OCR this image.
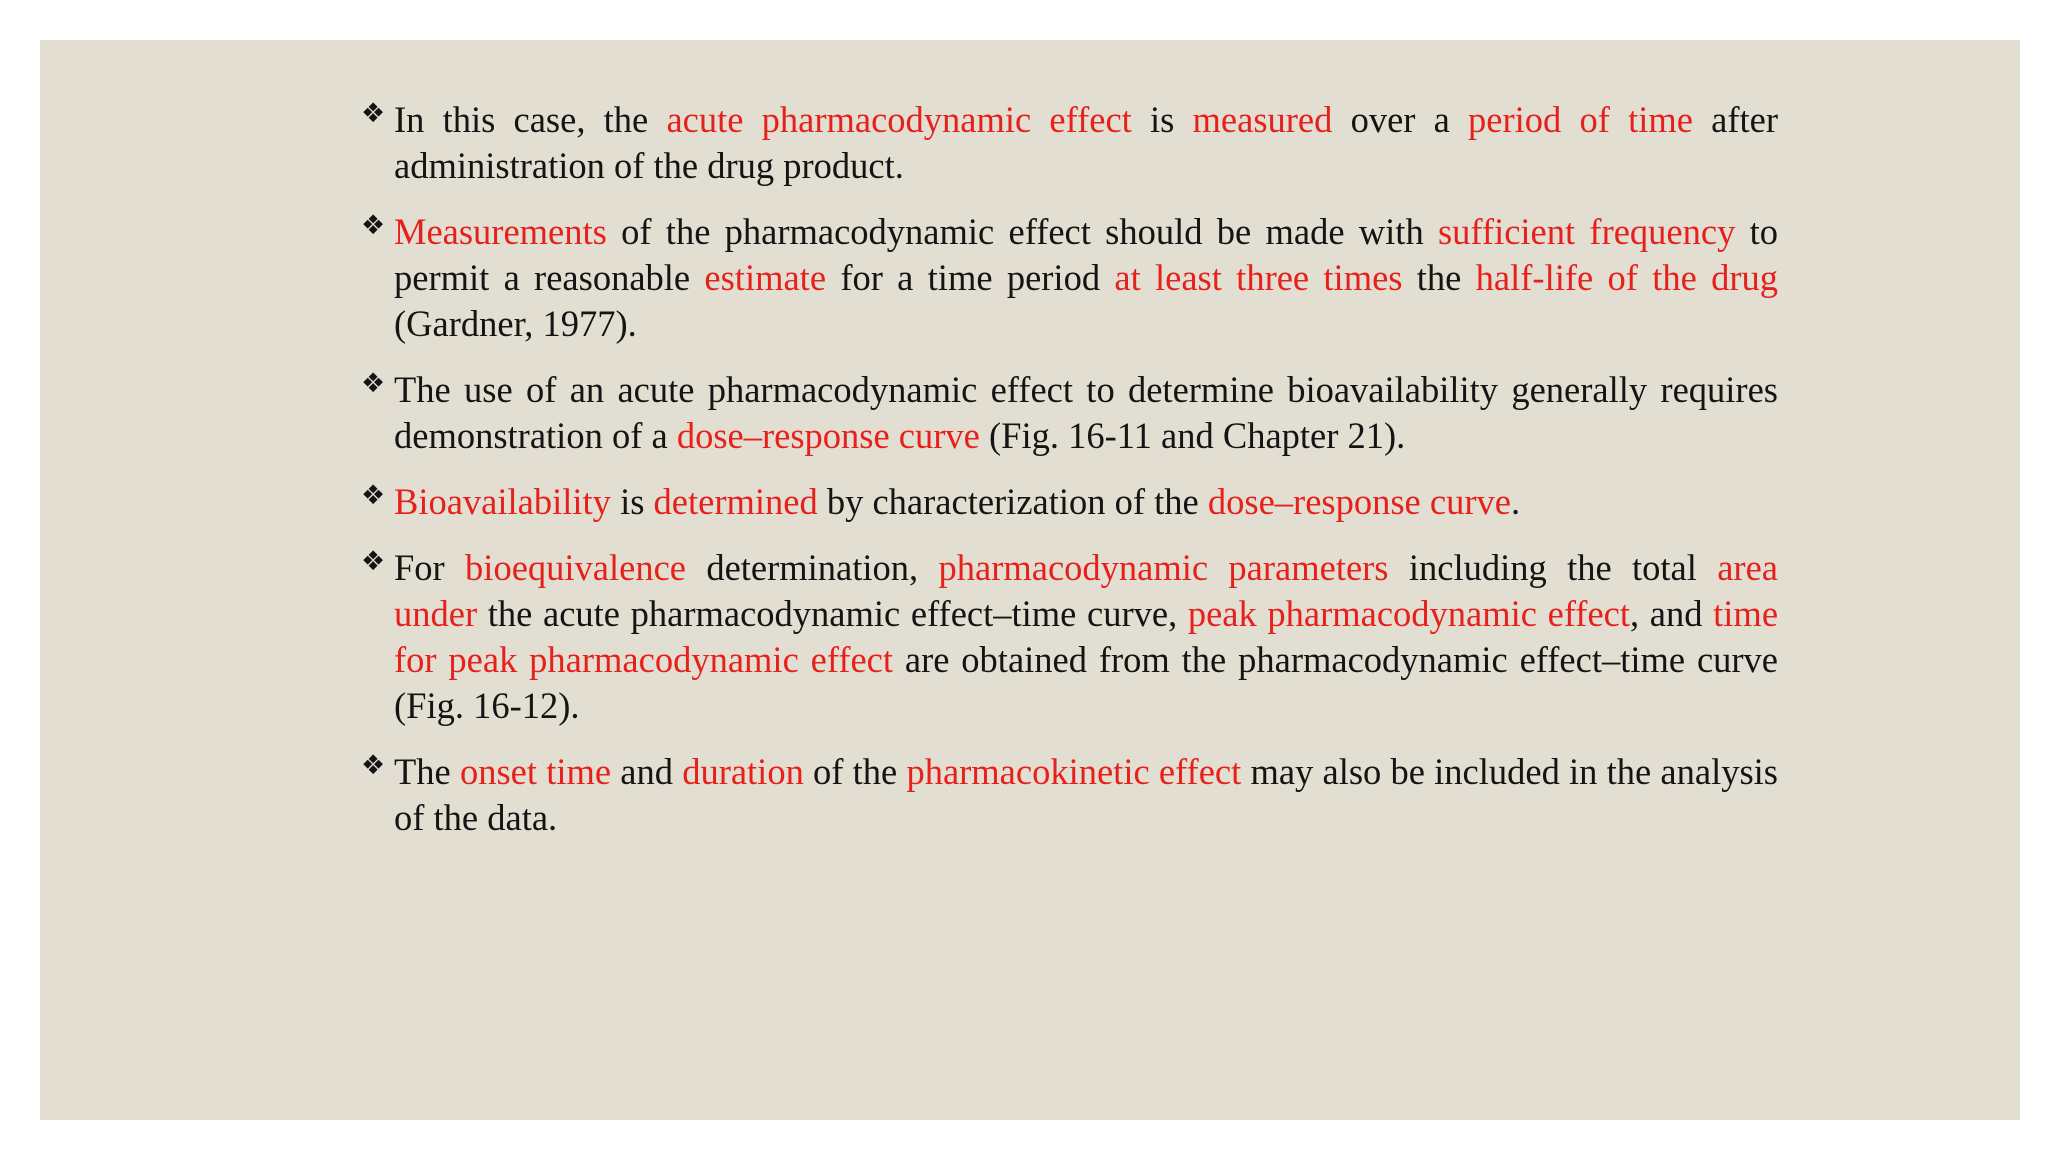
❖ In this case, the acute pharmacodynamic effect is measured over a period of time after administration of the drug product.
❖ Measurements of the pharmacodynamic effect should be made with sufficient frequency to permit a reasonable estimate for a time period at least three times the half-life of the drug (Gardner, 1977).
❖ The use of an acute pharmacodynamic effect to determine bioavailability generally requires demonstration of a dose–response curve (Fig. 16-11 and Chapter 21).
❖ Bioavailability is determined by characterization of the dose–response curve.
❖ For bioequivalence determination, pharmacodynamic parameters including the total area under the acute pharmacodynamic effect–time curve, peak pharmacodynamic effect, and time for peak pharmacodynamic effect are obtained from the pharmacodynamic effect–time curve (Fig. 16-12).
❖ The onset time and duration of the pharmacokinetic effect may also be included in the analysis of the data.
